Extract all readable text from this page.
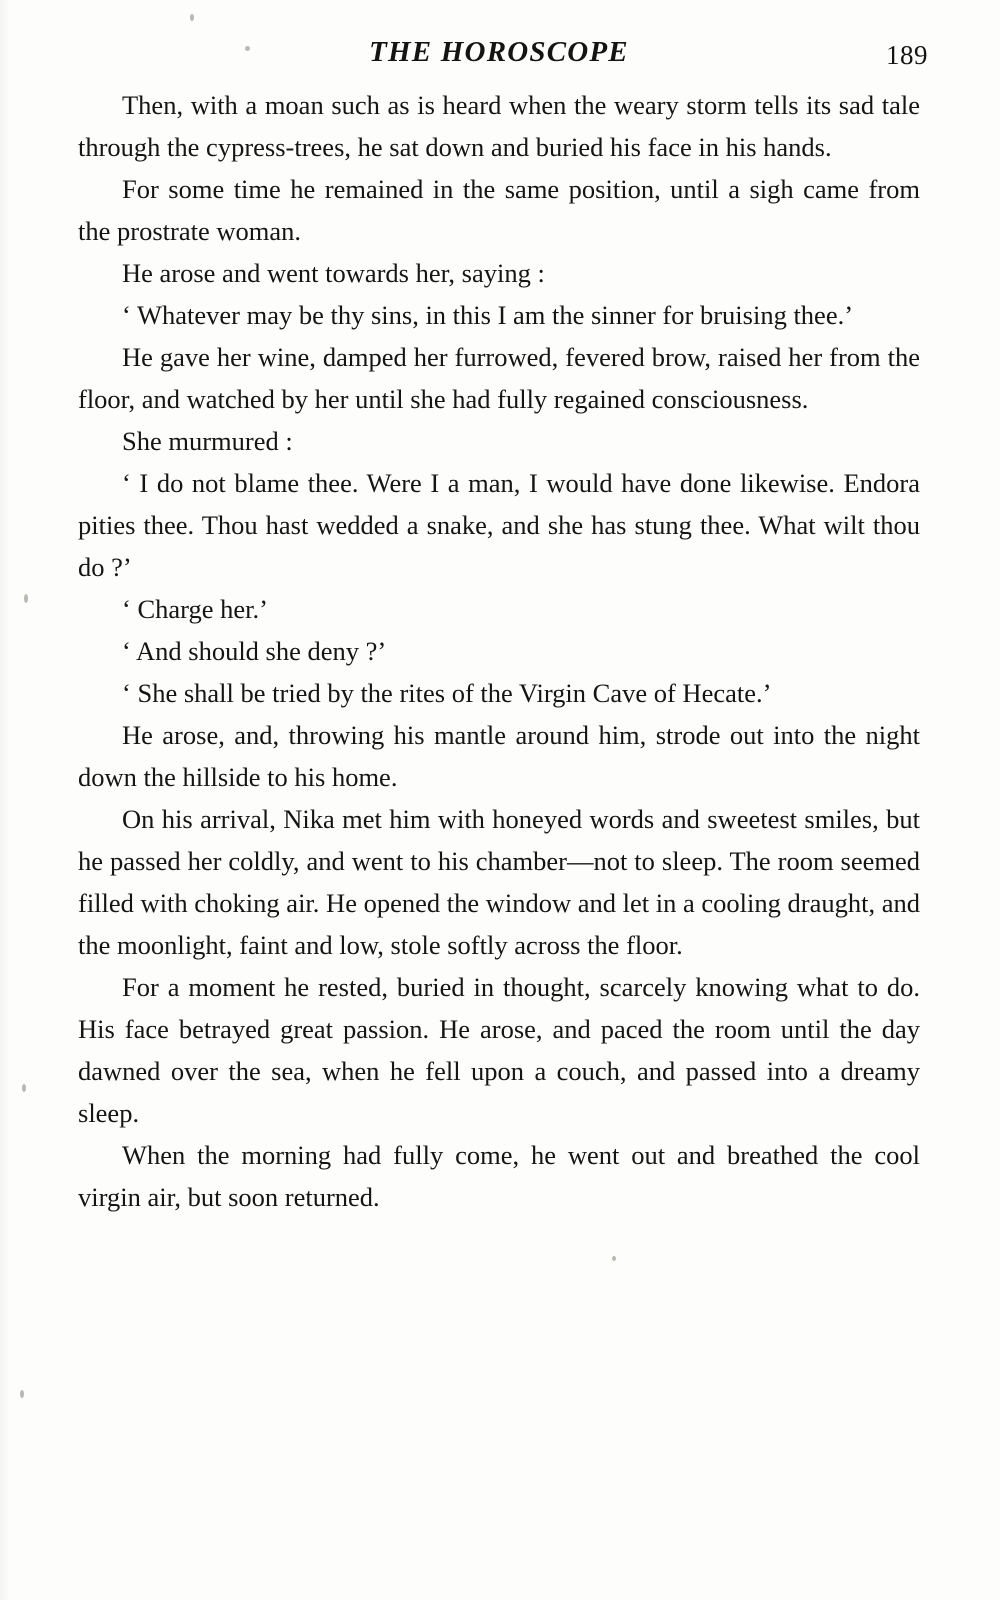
THE HOROSCOPE	189

Then, with a moan such as is heard when the weary storm tells its sad tale through the cypress-trees, he sat down and buried his face in his hands.

For some time he remained in the same position, until a sigh came from the prostrate woman.

He arose and went towards her, saying :

‘ Whatever may be thy sins, in this I am the sinner for bruising thee.’

He gave her wine, damped her furrowed, fevered brow, raised her from the floor, and watched by her until she had fully regained consciousness.

She murmured :

‘ I do not blame thee. Were I a man, I would have done likewise. Endora pities thee. Thou hast wedded a snake, and she has stung thee. What wilt thou do ?’

‘ Charge her.’

‘ And should she deny ?’

‘ She shall be tried by the rites of the Virgin Cave of Hecate.’

He arose, and, throwing his mantle around him, strode out into the night down the hillside to his home.

On his arrival, Nika met him with honeyed words and sweetest smiles, but he passed her coldly, and went to his chamber—not to sleep. The room seemed filled with choking air. He opened the window and let in a cooling draught, and the moonlight, faint and low, stole softly across the floor.

For a moment he rested, buried in thought, scarcely knowing what to do. His face betrayed great passion. He arose, and paced the room until the day dawned over the sea, when he fell upon a couch, and passed into a dreamy sleep.

When the morning had fully come, he went out and breathed the cool virgin air, but soon returned.
